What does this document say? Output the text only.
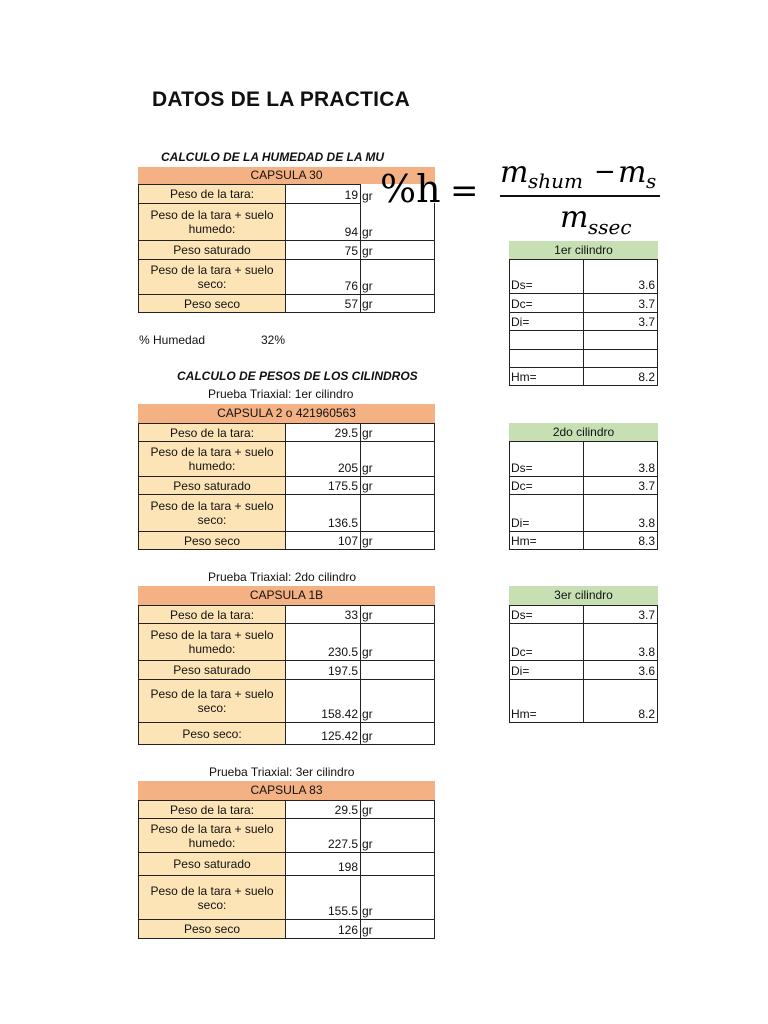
DATOS DE LA PRACTICA
CALCULO DE LA HUMEDAD DE LA MU
CAPSULA 30
Peso de la tara:	19 gr
Peso de la tara + suelo humedo:	94 gr
Peso saturado	75 gr
Peso de la tara + suelo seco:	76 gr
Peso seco	57 gr
% Humedad	32%
%h = m shum − m s
m ssec
CALCULO DE PESOS DE LOS CILINDROS
Prueba Triaxial: 1er cilindro
CAPSULA 2 o 421960563
Peso de la tara:	29.5 gr
Peso de la tara + suelo humedo:	205 gr
Peso saturado	175.5 gr
Peso de la tara + suelo seco:	136.5
Peso seco	107 gr
Prueba Triaxial: 2do cilindro
CAPSULA 1B
Peso de la tara:	33 gr
Peso de la tara + suelo humedo:	230.5 gr
Peso saturado	197.5
Peso de la tara + suelo seco:	158.42 gr
Peso seco:	125.42 gr
Prueba Triaxial: 3er cilindro
CAPSULA 83
Peso de la tara:	29.5 gr
Peso de la tara + suelo humedo:	227.5 gr
Peso saturado	198
Peso de la tara + suelo seco:	155.5 gr
Peso seco	126 gr
1er cilindro
Ds=	3.6
Dc=	3.7
Di=	3.7
Hm=	8.2
2do cilindro
Ds=	3.8
Dc=	3.7
Di=	3.8
Hm=	8.3
3er cilindro
Ds=	3.7
Dc=	3.8
Di=	3.6
Hm=	8.2
